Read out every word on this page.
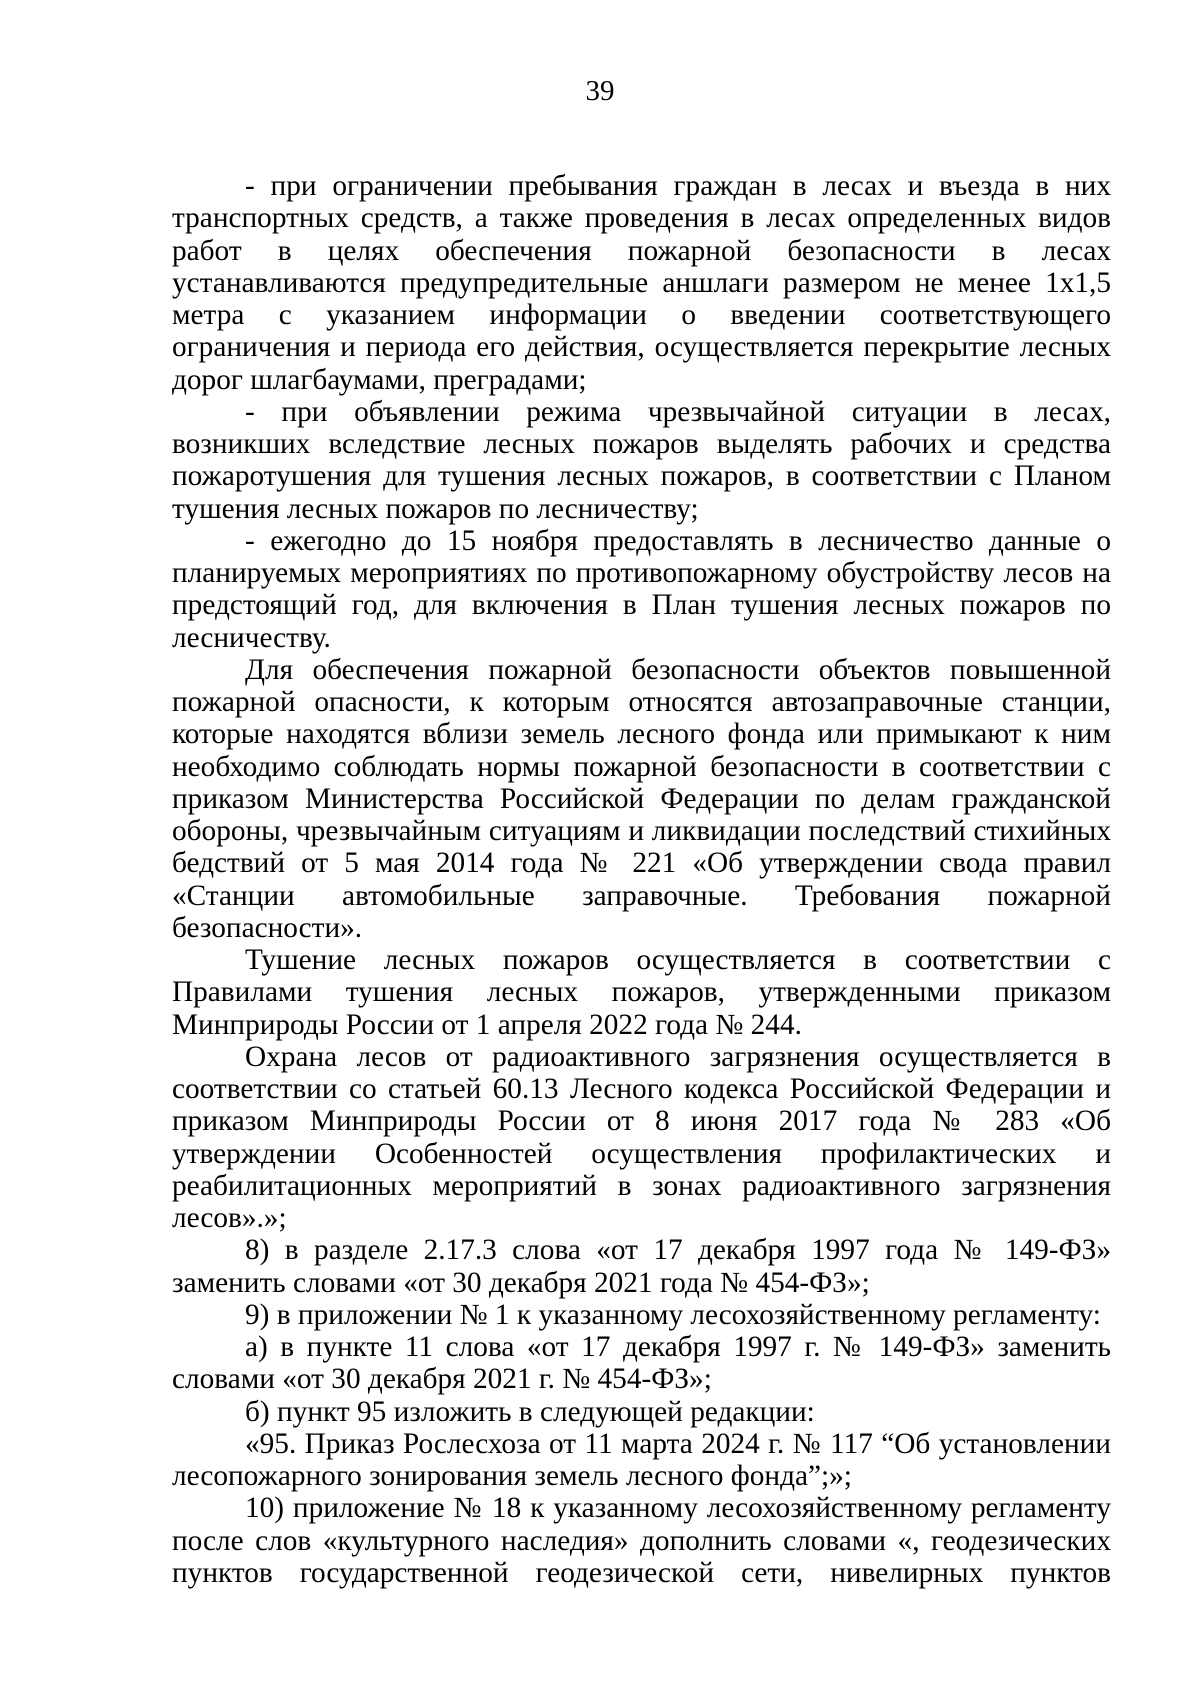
39

- при ограничении пребывания граждан в лесах и въезда в них транспортных средств, а также проведения в лесах определенных видов работ в целях обеспечения пожарной безопасности в лесах устанавливаются предупредительные аншлаги размером не менее 1х1,5 метра с указанием информации о введении соответствующего ограничения и периода его действия, осуществляется перекрытие лесных дорог шлагбаумами, преградами;

- при объявлении режима чрезвычайной ситуации в лесах, возникших вследствие лесных пожаров выделять рабочих и средства пожаротушения для тушения лесных пожаров, в соответствии с Планом тушения лесных пожаров по лесничеству;

- ежегодно до 15 ноября предоставлять в лесничество данные о планируемых мероприятиях по противопожарному обустройству лесов на предстоящий год, для включения в План тушения лесных пожаров по лесничеству.

Для обеспечения пожарной безопасности объектов повышенной пожарной опасности, к которым относятся автозаправочные станции, которые находятся вблизи земель лесного фонда или примыкают к ним необходимо соблюдать нормы пожарной безопасности в соответствии с приказом Министерства Российской Федерации по делам гражданской обороны, чрезвычайным ситуациям и ликвидации последствий стихийных бедствий от 5 мая 2014 года № 221 «Об утверждении свода правил «Станции автомобильные заправочные. Требования пожарной безопасности».

Тушение лесных пожаров осуществляется в соответствии с Правилами тушения лесных пожаров, утвержденными приказом Минприроды России от 1 апреля 2022 года № 244.

Охрана лесов от радиоактивного загрязнения осуществляется в соответствии со статьей 60.13 Лесного кодекса Российской Федерации и приказом Минприроды России от 8 июня 2017 года № 283 «Об утверждении Особенностей осуществления профилактических и реабилитационных мероприятий в зонах радиоактивного загрязнения лесов».»;

8) в разделе 2.17.3 слова «от 17 декабря 1997 года № 149-ФЗ» заменить словами «от 30 декабря 2021 года № 454-ФЗ»;

9) в приложении № 1 к указанному лесохозяйственному регламенту:

а) в пункте 11 слова «от 17 декабря 1997 г. № 149-ФЗ» заменить словами «от 30 декабря 2021 г. № 454-ФЗ»;

б) пункт 95 изложить в следующей редакции:

«95. Приказ Рослесхоза от 11 марта 2024 г. № 117 “Об установлении лесопожарного зонирования земель лесного фонда”;»;

10) приложение № 18 к указанному лесохозяйственному регламенту после слов «культурного наследия» дополнить словами «, геодезических пунктов государственной геодезической сети, нивелирных пунктов
